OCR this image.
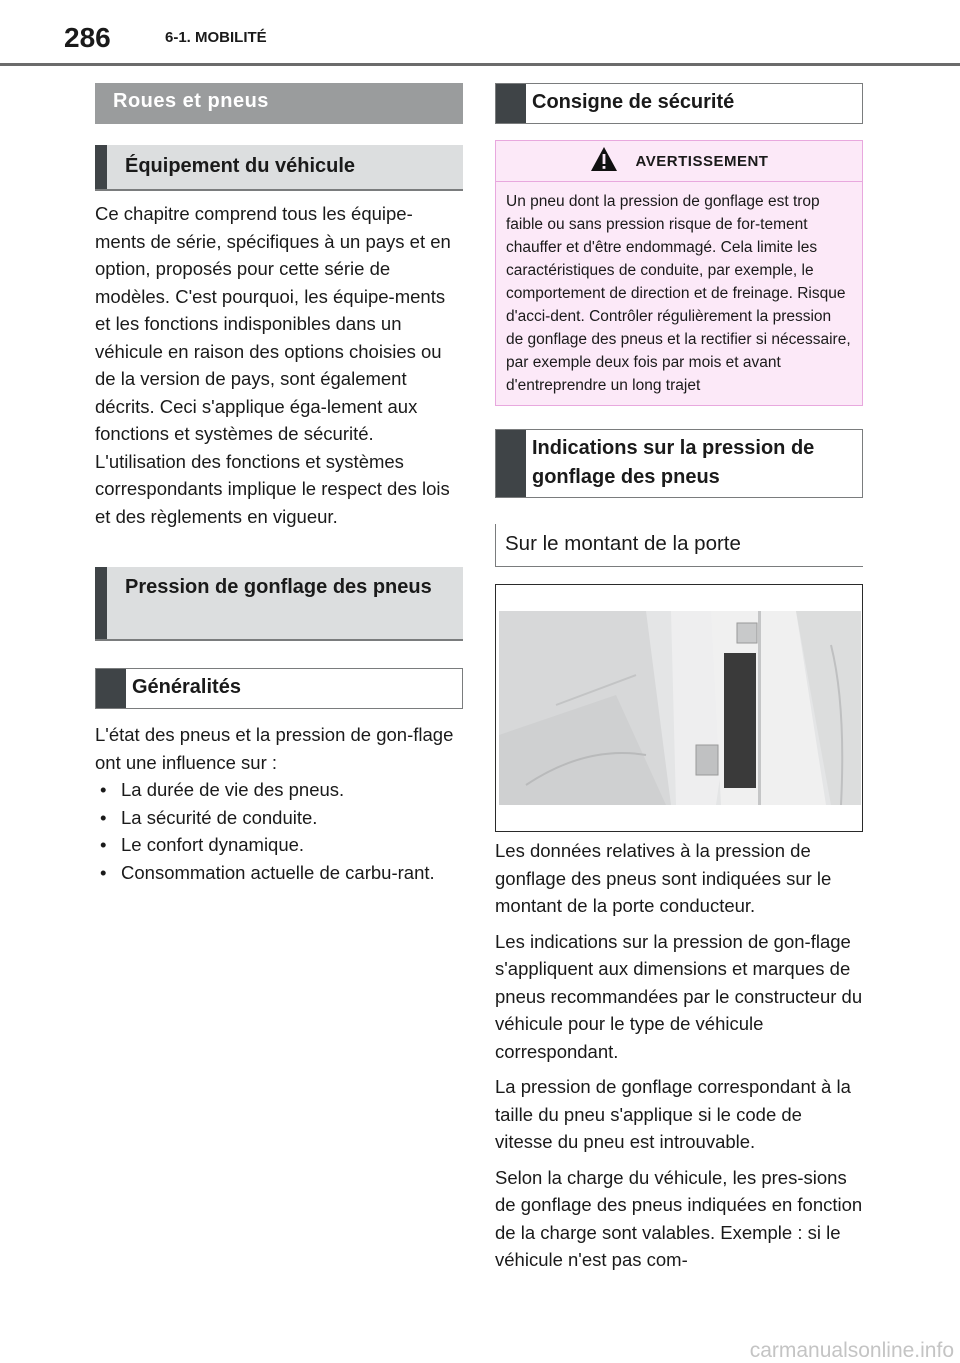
286	6-1. MOBILITÉ
Roues et pneus
Équipement du véhicule

Ce chapitre comprend tous les équipe-ments de série, spécifiques à un pays et en option, proposés pour cette série de modèles. C'est pourquoi, les équipe-ments et les fonctions indisponibles dans un véhicule en raison des options choisies ou de la version de pays, sont également décrits. Ceci s'applique éga-lement aux fonctions et systèmes de sécurité. L'utilisation des fonctions et systèmes correspondants implique le respect des lois et des règlements en vigueur.

Pression de gonflage des pneus
Généralités

L'état des pneus et la pression de gon-flage ont une influence sur :

• La durée de vie des pneus.
• La sécurité de conduite.
• Le confort dynamique.
• Consommation actuelle de carbu-rant.
Consigne de sécurité
AVERTISSEMENT

Un pneu dont la pression de gonflage est trop faible ou sans pression risque de for-tement chauffer et d'être endommagé. Cela limite les caractéristiques de conduite, par exemple, le comportement de direction et de freinage. Risque d'acci-dent. Contrôler régulièrement la pression de gonflage des pneus et la rectifier si nécessaire, par exemple deux fois par mois et avant d'entreprendre un long trajet

Indications sur la pression de gonflage des pneus
Sur le montant de la porte

Les données relatives à la pression de gonflage des pneus sont indiquées sur le montant de la porte conducteur.

Les indications sur la pression de gon-flage s'appliquent aux dimensions et marques de pneus recommandées par le constructeur du véhicule pour le type de véhicule correspondant.

La pression de gonflage correspondant à la taille du pneu s'applique si le code de vitesse du pneu est introuvable.

Selon la charge du véhicule, les pres-sions de gonflage des pneus indiquées en fonction de la charge sont valables. Exemple : si le véhicule n'est pas com-

carmanualsonline.info
